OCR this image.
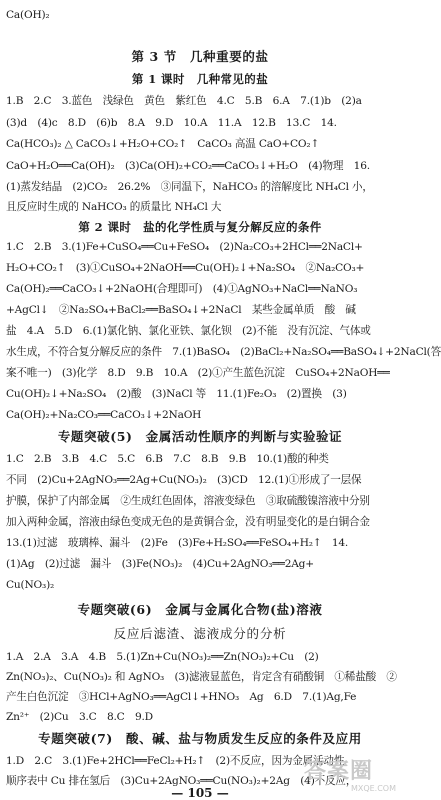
Ca(OH)₂
第 3 节　几种重要的盐
第 1 课时　几种常见的盐
1.B　2.C　3.蓝色　浅绿色　黄色　紫红色　4.C　5.B　6.A　7.(1)b　(2)a
(3)d　(4)c　8.D　(6)b　8.A　9.D　10.A　11.A　12.B　13.C　14.
Ca(HCO₃)₂ △ CaCO₃↓+H₂O+CO₂↑　CaCO₃ 高温 CaO+CO₂↑
CaO+H₂O══Ca(OH)₂　(3)Ca(OH)₂+CO₂══CaCO₃↓+H₂O　(4)物理　16.
(1)蒸发结晶　(2)CO₂　26.2%　③同温下，NaHCO₃ 的溶解度比 NH₄Cl 小，
且反应时生成的 NaHCO₃ 的质量比 NH₄Cl 大
第 2 课时　盐的化学性质与复分解反应的条件
1.C　2.B　3.(1)Fe+CuSO₄══Cu+FeSO₄　(2)Na₂CO₃+2HCl══2NaCl+
H₂O+CO₂↑　(3)①CuSO₄+2NaOH══Cu(OH)₂↓+Na₂SO₄　②Na₂CO₃+
Ca(OH)₂══CaCO₃↓+2NaOH(合理即可)　(4)①AgNO₃+NaCl══NaNO₃
+AgCl↓　②Na₂SO₄+BaCl₂══BaSO₄↓+2NaCl　某些金属单质　酸　碱
盐　4.A　5.D　6.(1)氯化钠、氯化亚铁、氯化钡　(2)不能　没有沉淀、气体或
水生成，不符合复分解反应的条件　7.(1)BaSO₄　(2)BaCl₂+Na₂SO₄══BaSO₄↓+2NaCl(答
案不唯一)　(3)化学　8.D　9.B　10.A　(2)①产生蓝色沉淀　CuSO₄+2NaOH══
Cu(OH)₂↓+Na₂SO₄　(2)酸　(3)NaCl 等　11.(1)Fe₂O₃　(2)置换　(3)
Ca(OH)₂+Na₂CO₃══CaCO₃↓+2NaOH
专题突破(5)　金属活动性顺序的判断与实验验证
1.C　2.B　3.B　4.C　5.C　6.B　7.C　8.B　9.B　10.(1)酸的种类
不同　(2)Cu+2AgNO₃══2Ag+Cu(NO₃)₂　(3)CD　12.(1)①形成了一层保
护膜，保护了内部金属　②生成红色固体，溶液变绿色　③取硫酸镍溶液中分别
加入两种金属，溶液由绿色变成无色的是黄铜合金，没有明显变化的是白铜合金
13.(1)过滤　玻璃棒、漏斗　(2)Fe　(3)Fe+H₂SO₄══FeSO₄+H₂↑　14.
(1)Ag　(2)过滤　漏斗　(3)Fe(NO₃)₂　(4)Cu+2AgNO₃══2Ag+
Cu(NO₃)₂
专题突破(6)　金属与金属化合物(盐)溶液
反应后滤渣、滤液成分的分析
1.A　2.A　3.A　4.B　5.(1)Zn+Cu(NO₃)₂══Zn(NO₃)₂+Cu　(2)
Zn(NO₃)₂、Cu(NO₃)₂ 和 AgNO₃　(3)滤液显蓝色，肯定含有硝酸铜　①稀盐酸　②
产生白色沉淀　③HCl+AgNO₃══AgCl↓+HNO₃　Ag　6.D　7.(1)Ag,Fe
Zn²⁺　(2)Cu　3.C　8.C　9.D
专题突破(7)　酸、碱、盐与物质发生反应的条件及应用
1.D　2.C　3.(1)Fe+2HCl══FeCl₂+H₂↑　(2)不反应，因为金属活动性
顺序表中 Cu 排在氢后　(3)Cu+2AgNO₃══Cu(NO₃)₂+2Ag　(4)不反应，
— 105 —
答案圈
MXQE.COM
